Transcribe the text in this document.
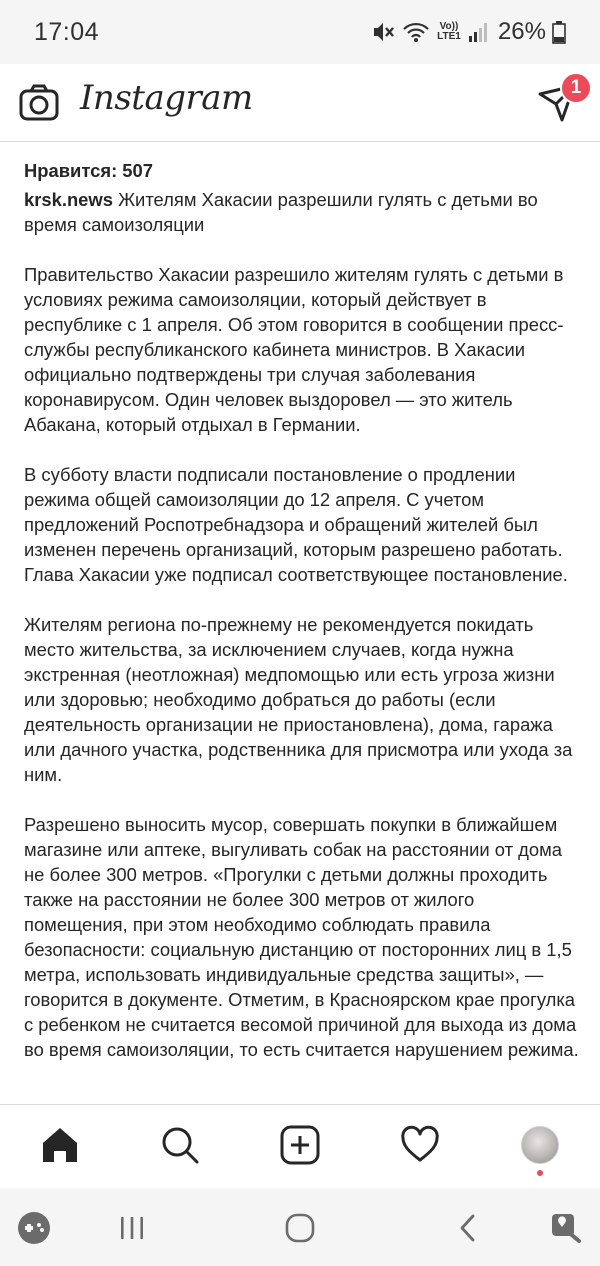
17:04	Vo)) LTE1 26%
Instagram	1
Нравится: 507

krsk.news Жителям Хакасии разрешили гулять с детьми во время самоизоляции

Правительство Хакасии разрешило жителям гулять с детьми в условиях режима самоизоляции, который действует в республике с 1 апреля. Об этом говорится в сообщении пресс-службы республиканского кабинета министров. В Хакасии официально подтверждены три случая заболевания коронавирусом. Один человек выздоровел — это житель Абакана, который отдыхал в Германии.

В субботу власти подписали постановление о продлении режима общей самоизоляции до 12 апреля. С учетом предложений Роспотребнадзора и обращений жителей был изменен перечень организаций, которым разрешено работать. Глава Хакасии уже подписал соответствующее постановление.

Жителям региона по-прежнему не рекомендуется покидать место жительства, за исключением случаев, когда нужна экстренная (неотложная) медпомощью или есть угроза жизни или здоровью; необходимо добраться до работы (если деятельность организации не приостановлена), дома, гаража или дачного участка, родственника для присмотра или ухода за ним.

Разрешено выносить мусор, совершать покупки в ближайшем магазине или аптеке, выгуливать собак на расстоянии от дома не более 300 метров. «Прогулки с детьми должны проходить также на расстоянии не более 300 метров от жилого помещения, при этом необходимо соблюдать правила безопасности: социальную дистанцию от посторонних лиц в 1,5 метра, использовать индивидуальные средства защиты», — говорится в документе. Отметим, в Красноярском крае прогулка с ребенком не считается весомой причиной для выхода из дома во время самоизоляции, то есть считается нарушением режима.
